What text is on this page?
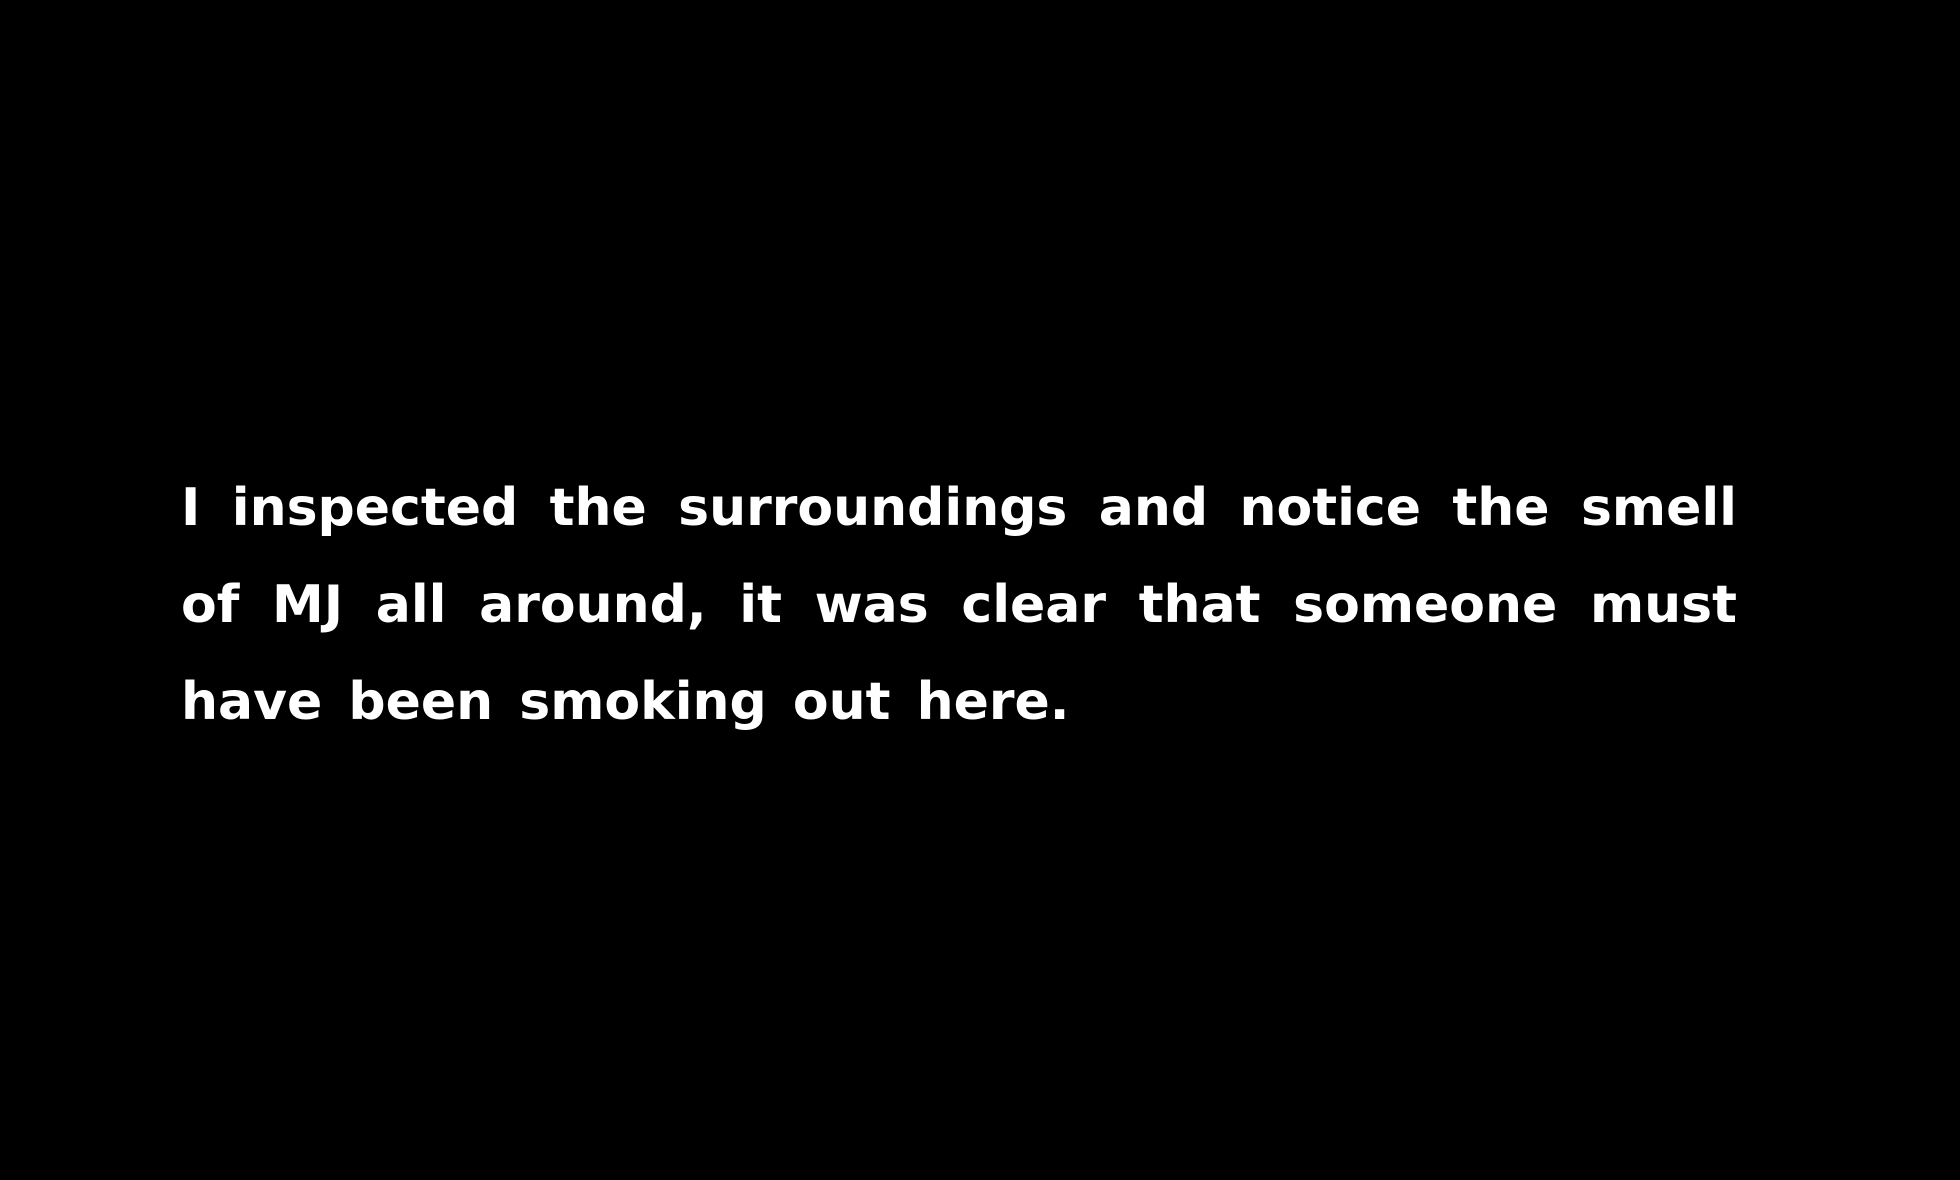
I inspected the surroundings and notice the smell of MJ all around, it was clear that someone must have been smoking out here.
